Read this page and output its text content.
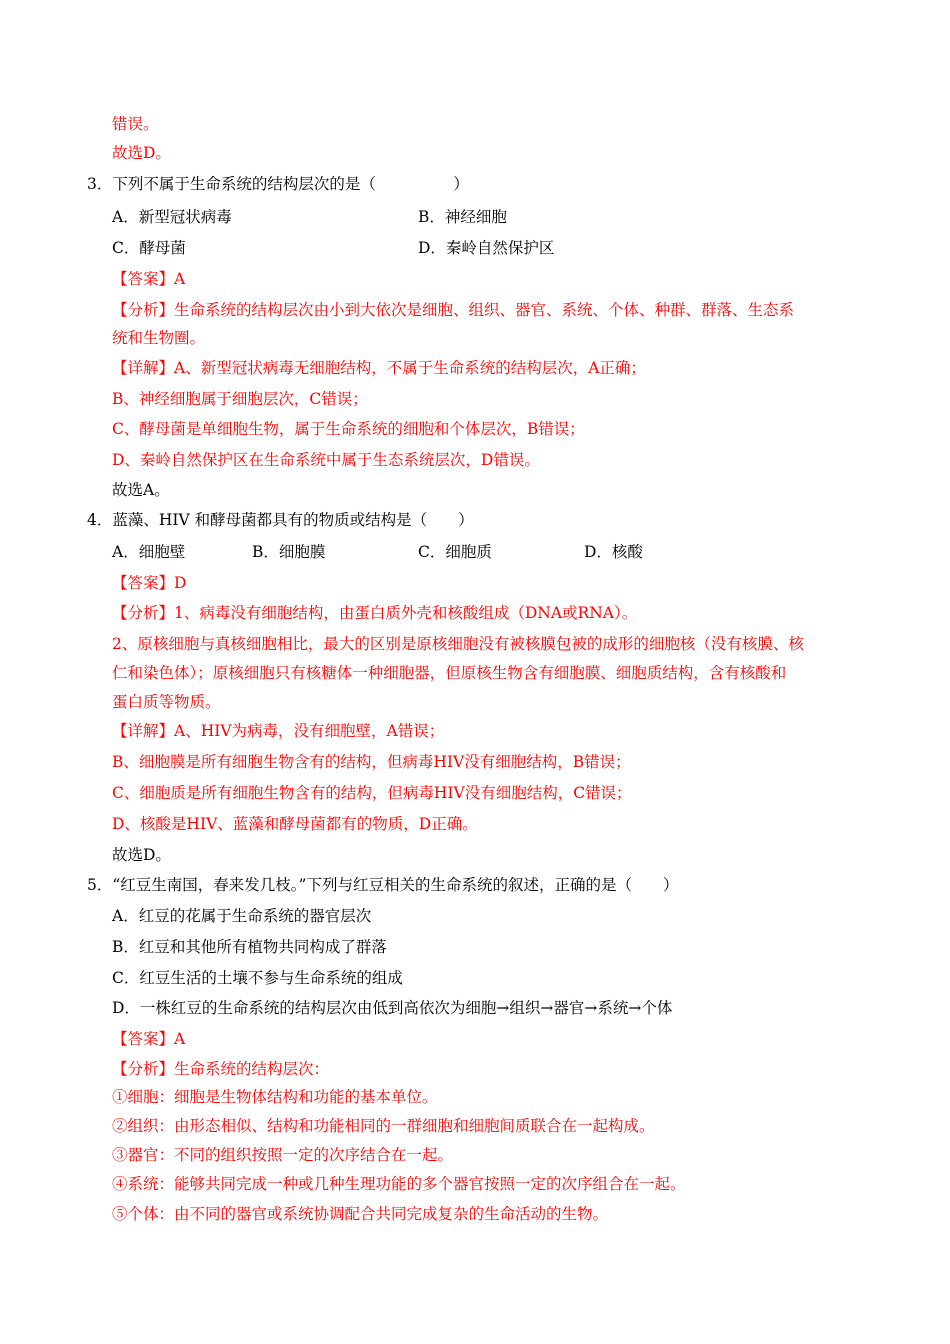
错误。
故选D。
3．下列不属于生命系统的结构层次的是（　　　　　）
A．新型冠状病毒	B．神经细胞
C．酵母菌	D．秦岭自然保护区
【答案】A
【分析】生命系统的结构层次由小到大依次是细胞、组织、器官、系统、个体、种群、群落、生态系
统和生物圈。
【详解】A、新型冠状病毒无细胞结构，不属于生命系统的结构层次，A正确；
B、神经细胞属于细胞层次，C错误；
C、酵母菌是单细胞生物，属于生命系统的细胞和个体层次，B错误；
D、秦岭自然保护区在生命系统中属于生态系统层次，D错误。
故选A。
4．蓝藻、HIV 和酵母菌都具有的物质或结构是（　　）
A．细胞壁	B．细胞膜	C．细胞质	D．核酸
【答案】D
【分析】1、病毒没有细胞结构，由蛋白质外壳和核酸组成（DNA或RNA）。
2、原核细胞与真核细胞相比，最大的区别是原核细胞没有被核膜包被的成形的细胞核（没有核膜、核
仁和染色体）；原核细胞只有核糖体一种细胞器，但原核生物含有细胞膜、细胞质结构，含有核酸和
蛋白质等物质。
【详解】A、HIV为病毒，没有细胞壁，A错误；
B、细胞膜是所有细胞生物含有的结构，但病毒HIV没有细胞结构，B错误；
C、细胞质是所有细胞生物含有的结构，但病毒HIV没有细胞结构，C错误；
D、核酸是HIV、蓝藻和酵母菌都有的物质，D正确。
故选D。
5．“红豆生南国，春来发几枝。”下列与红豆相关的生命系统的叙述，正确的是（　　）
A．红豆的花属于生命系统的器官层次
B．红豆和其他所有植物共同构成了群落
C．红豆生活的土壤不参与生命系统的组成
D．一株红豆的生命系统的结构层次由低到高依次为细胞→组织→器官→系统→个体
【答案】A
【分析】生命系统的结构层次：
①细胞：细胞是生物体结构和功能的基本单位。
②组织：由形态相似、结构和功能相同的一群细胞和细胞间质联合在一起构成。
③器官：不同的组织按照一定的次序结合在一起。
④系统：能够共同完成一种或几种生理功能的多个器官按照一定的次序组合在一起。
⑤个体：由不同的器官或系统协调配合共同完成复杂的生命活动的生物。
